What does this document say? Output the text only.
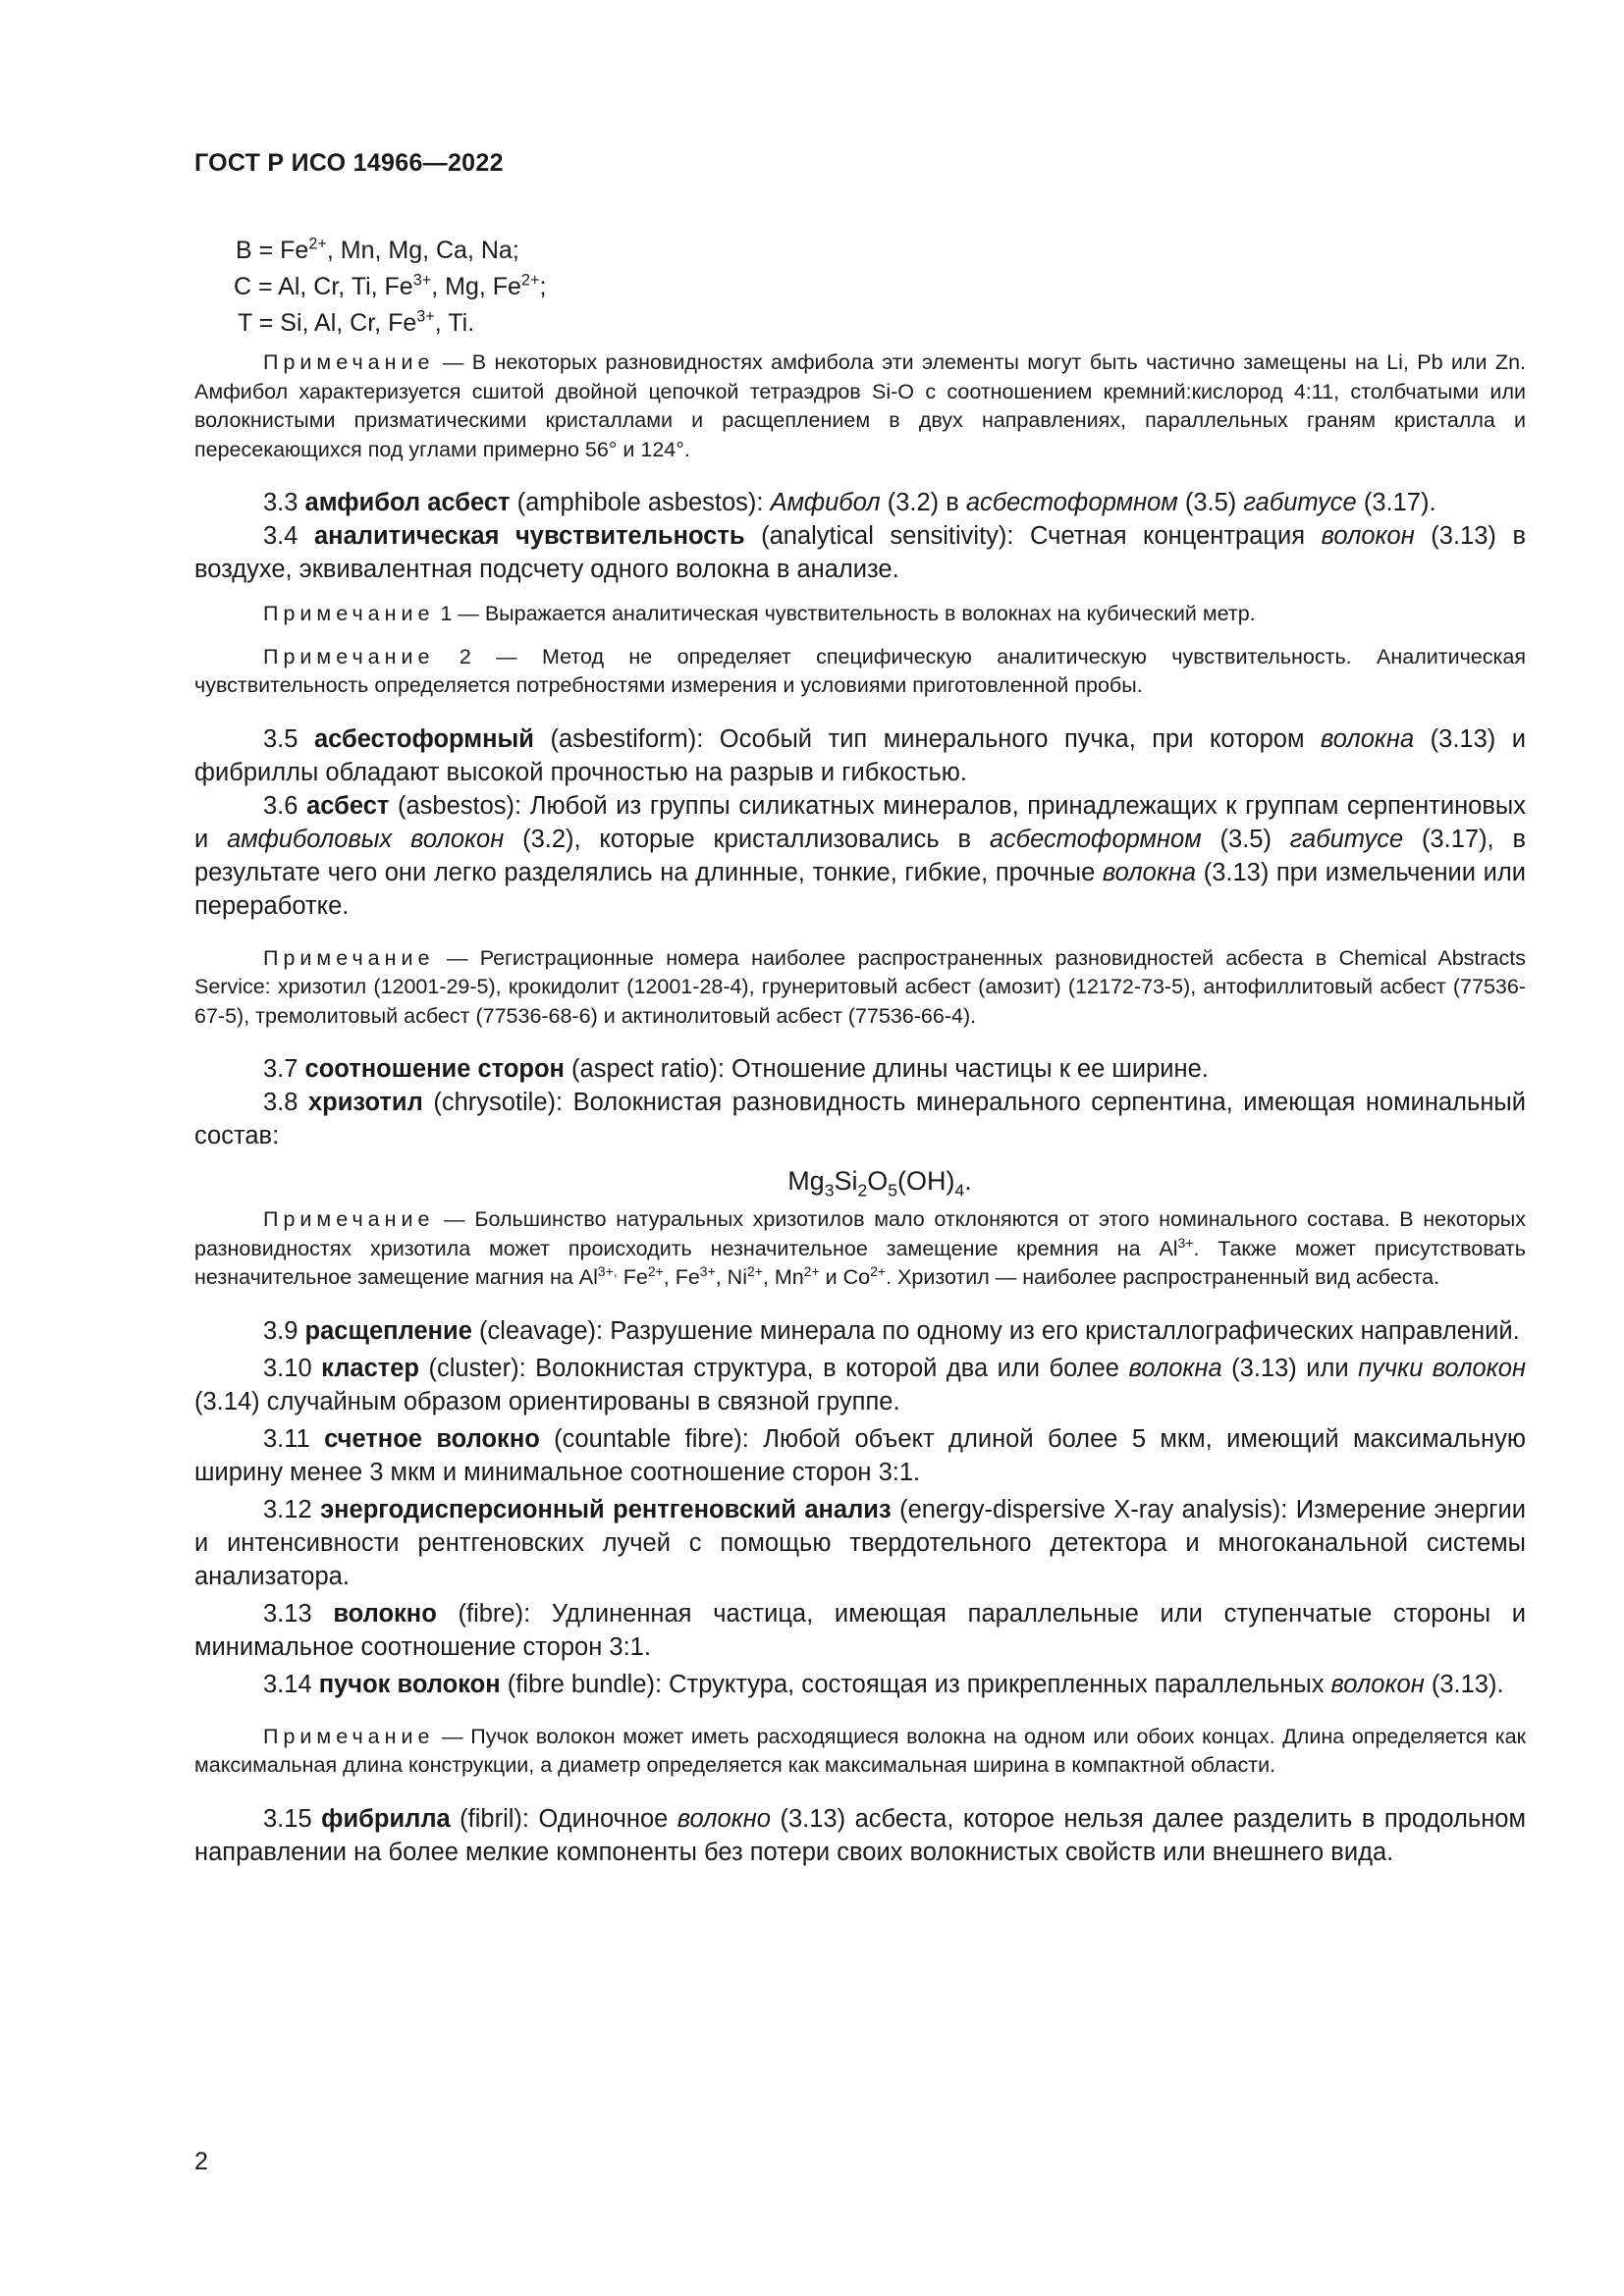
ГОСТ Р ИСО 14966—2022
$B = Fe^{2+}$, Mn, Mg, Ca, Na;
C = Al, Cr, Ti, $Fe^{3+}$, Mg, $Fe^{2+}$;
T = Si, Al, Cr, $Fe^{3+}$, Ti.

Примечание — В некоторых разновидностях амфибола эти элементы могут быть частично замещены на Li, Pb или Zn. Амфибол характеризуется сшитой двойной цепочкой тетраэдров Si-O с соотношением кремний:кислород 4:11, столбчатыми или волокнистыми призматическими кристаллами и расщеплением в двух направлениях, параллельных граням кристалла и пересекающихся под углами примерно 56° и 124°.

3.3 амфибол асбест (amphibole asbestos): Амфибол (3.2) в асбестоформном (3.5) габитусе (3.17).

3.4 аналитическая чувствительность (analytical sensitivity): Счетная концентрация волокон (3.13) в воздухе, эквивалентная подсчету одного волокна в анализе.

Примечание 1 — Выражается аналитическая чувствительность в волокнах на кубический метр.

Примечание 2 — Метод не определяет специфическую аналитическую чувствительность. Аналитическая чувствительность определяется потребностями измерения и условиями приготовленной пробы.

3.5 асбестоформный (asbestiform): Особый тип минерального пучка, при котором волокна (3.13) и фибриллы обладают высокой прочностью на разрыв и гибкостью.

3.6 асбест (asbestos): Любой из группы силикатных минералов, принадлежащих к группам серпентиновых и амфиболовых волокон (3.2), которые кристаллизовались в асбестоформном (3.5) габитусе (3.17), в результате чего они легко разделялись на длинные, тонкие, гибкие, прочные волокна (3.13) при измельчении или переработке.

Примечание — Регистрационные номера наиболее распространенных разновидностей асбеста в Chemical Abstracts Service: хризотил (12001-29-5), крокидолит (12001-28-4), грунеритовый асбест (амозит) (12172-73-5), антофиллитовый асбест (77536-67-5), тремолитовый асбест (77536-68-6) и актинолитовый асбест (77536-66-4).

3.7 соотношение сторон (aspect ratio): Отношение длины частицы к ее ширине.

3.8 хризотил (chrysotile): Волокнистая разновидность минерального серпентина, имеющая номинальный состав:

$Mg_3Si_2O_5(OH)_4$.

Примечание — Большинство натуральных хризотилов мало отклоняются от этого номинального состава. В некоторых разновидностях хризотила может происходить незначительное замещение кремния на $Al^{3+}$. Также может присутствовать незначительное замещение магния на $Al^{3+,}$ $Fe^{2+}$, $Fe^{3+}$, $Ni^{2+}$, $Mn^{2+}$ и $Co^{2+}$. Хризотил — наиболее распространенный вид асбеста.

3.9 расщепление (cleavage): Разрушение минерала по одному из его кристаллографических направлений.

3.10 кластер (cluster): Волокнистая структура, в которой два или более волокна (3.13) или пучки волокон (3.14) случайным образом ориентированы в связной группе.

3.11 счетное волокно (countable fibre): Любой объект длиной более 5 мкм, имеющий максимальную ширину менее 3 мкм и минимальное соотношение сторон 3:1.

3.12 энергодисперсионный рентгеновский анализ (energy-dispersive X-ray analysis): Измерение энергии и интенсивности рентгеновских лучей с помощью твердотельного детектора и многоканальной системы анализатора.

3.13 волокно (fibre): Удлиненная частица, имеющая параллельные или ступенчатые стороны и минимальное соотношение сторон 3:1.

3.14 пучок волокон (fibre bundle): Структура, состоящая из прикрепленных параллельных волокон (3.13).

Примечание — Пучок волокон может иметь расходящиеся волокна на одном или обоих концах. Длина определяется как максимальная длина конструкции, а диаметр определяется как максимальная ширина в компактной области.

3.15 фибрилла (fibril): Одиночное волокно (3.13) асбеста, которое нельзя далее разделить в продольном направлении на более мелкие компоненты без потери своих волокнистых свойств или внешнего вида.

2
